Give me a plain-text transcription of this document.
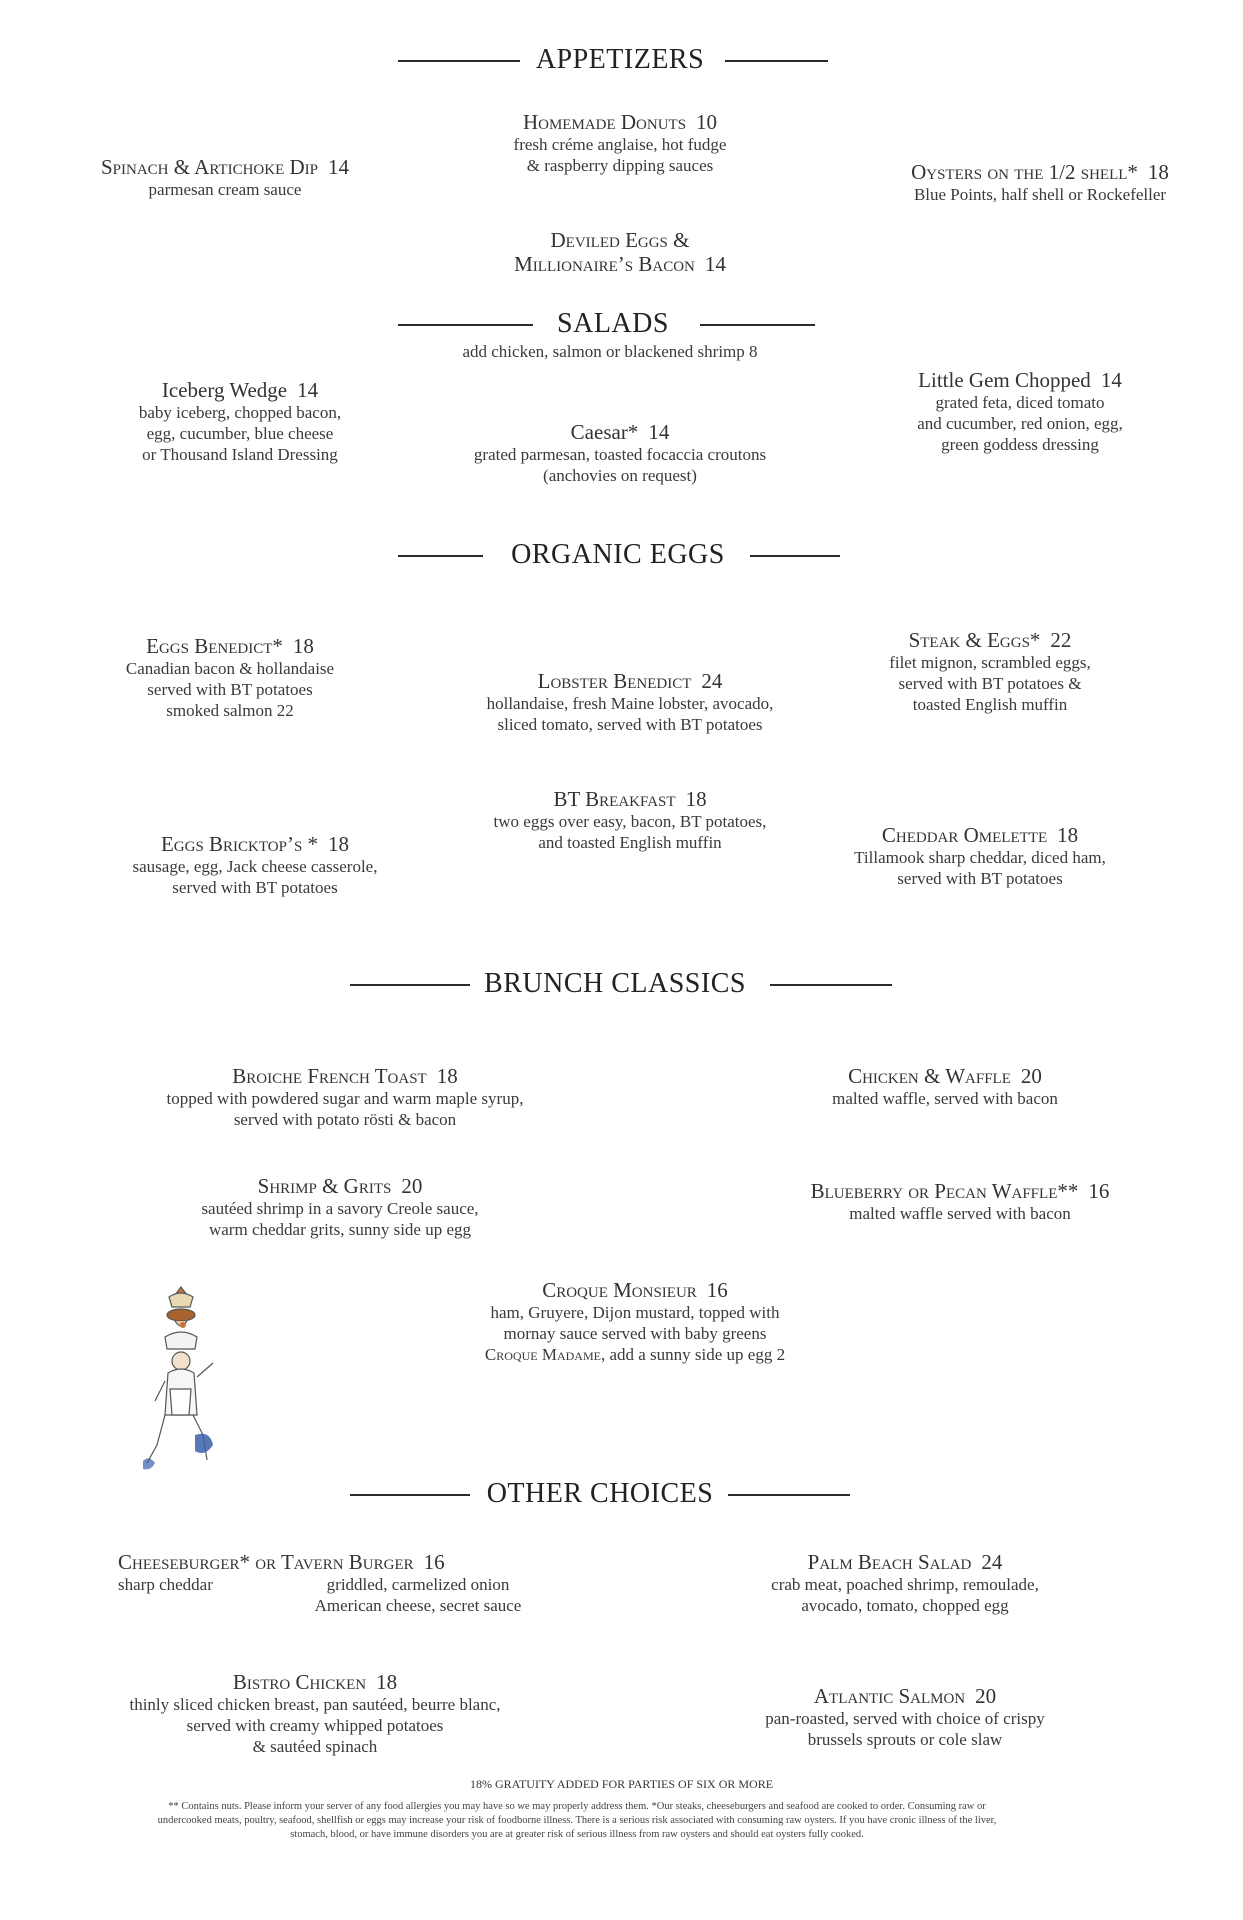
APPETIZERS
Spinach & Artichoke Dip 14
parmesan cream sauce
Homemade Donuts 10
fresh créme anglaise, hot fudge
& raspberry dipping sauces	Oysters on the 1/2 shell* 18
Blue Points, half shell or Rockefeller
Deviled Eggs &
Millionaire’s Bacon 14
SALADS
add chicken, salmon or blackened shrimp 8
Iceberg Wedge 14
baby iceberg, chopped bacon,
egg, cucumber, blue cheese
or Thousand Island Dressing
Caesar* 14
grated parmesan, toasted focaccia croutons
(anchovies on request)
Little Gem Chopped 14
grated feta, diced tomato
and cucumber, red onion, egg,
green goddess dressing
ORGANIC EGGS
Eggs Benedict* 18
Canadian bacon & hollandaise
served with BT potatoes
smoked salmon 22
Lobster Benedict 24
hollandaise, fresh Maine lobster, avocado,
sliced tomato, served with BT potatoes
Steak & Eggs* 22
filet mignon, scrambled eggs,
served with BT potatoes &
toasted English muffin
BT Breakfast 18
two eggs over easy, bacon, BT potatoes,
and toasted English muffin
Eggs Bricktop’s * 18
sausage, egg, Jack cheese casserole,
served with BT potatoes
Cheddar Omelette 18
Tillamook sharp cheddar, diced ham,
served with BT potatoes
BRUNCH CLASSICS
Broiche French Toast 18
topped with powdered sugar and warm maple syrup,
served with potato rösti & bacon
Chicken & Waffle 20
malted waffle, served with bacon
Shrimp & Grits 20
sautéed shrimp in a savory Creole sauce,
warm cheddar grits, sunny side up egg
Blueberry or Pecan Waffle** 16
malted waffle served with bacon
Croque Monsieur 16
ham, Gruyere, Dijon mustard, topped with
mornay sauce served with baby greens
Croque Madame, add a sunny side up egg 2
OTHER CHOICES
Cheeseburger* or Tavern Burger 16
sharp cheddar	griddled, carmelized onion
American cheese, secret sauce
Palm Beach Salad 24
crab meat, poached shrimp, remoulade,
avocado, tomato, chopped egg
Bistro Chicken 18
thinly sliced chicken breast, pan sautéed, beurre blanc,
served with creamy whipped potatoes
& sautéed spinach
Atlantic Salmon 20
pan-roasted, served with choice of crispy
brussels sprouts or cole slaw
18% GRATUITY ADDED FOR PARTIES OF SIX OR MORE
** Contains nuts. Please inform your server of any food allergies you may have so we may properly address them. *Our steaks, cheeseburgers and seafood are cooked to order. Consuming raw or undercooked meats, poultry, seafood, shellfish or eggs may increase your risk of foodborne illness. There is a serious risk associated with consuming raw oysters. If you have cronic illness of the liver, stomach, blood, or have immune disorders you are at greater risk of serious illness from raw oysters and should eat oysters fully cooked.
